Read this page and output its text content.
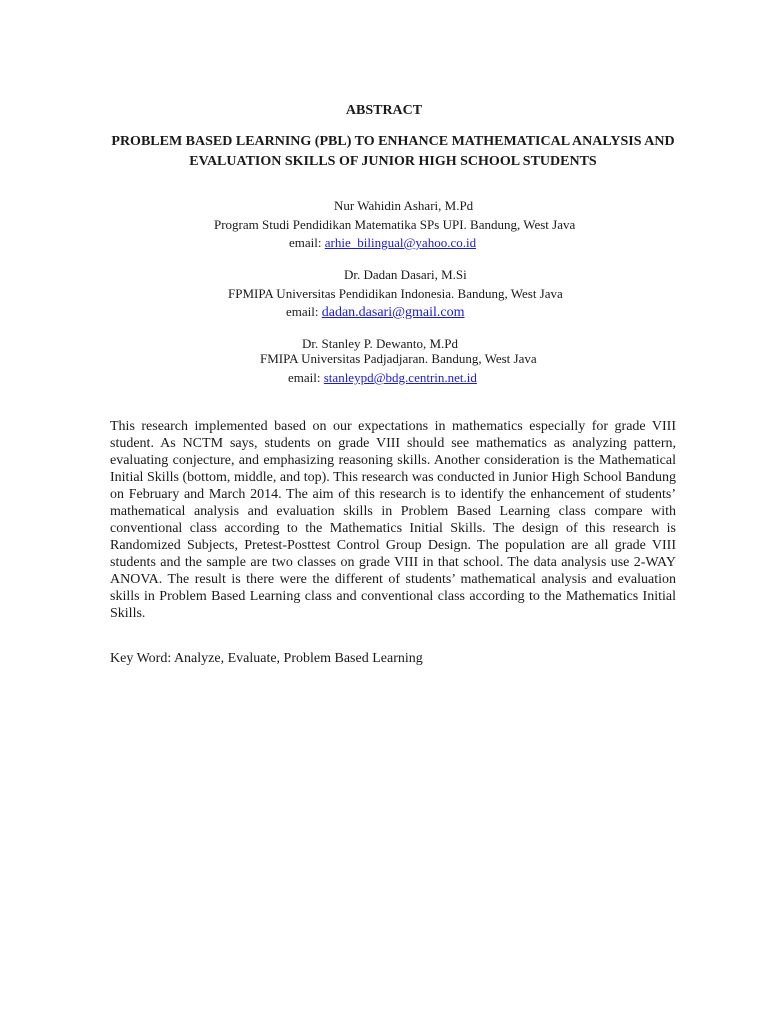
ABSTRACT
PROBLEM BASED LEARNING (PBL) TO ENHANCE MATHEMATICAL ANALYSIS AND EVALUATION SKILLS OF JUNIOR HIGH SCHOOL STUDENTS
Nur Wahidin Ashari, M.Pd
Program Studi Pendidikan Matematika SPs UPI. Bandung, West Java
email: arhie_bilingual@yahoo.co.id
Dr. Dadan Dasari, M.Si
FPMIPA Universitas Pendidikan Indonesia. Bandung, West Java
email: dadan.dasari@gmail.com
Dr. Stanley P. Dewanto, M.Pd
FMIPA Universitas Padjadjaran. Bandung, West Java
email: stanleypd@bdg.centrin.net.id

This research implemented based on our expectations in mathematics especially for grade VIII student. As NCTM says, students on grade VIII should see mathematics as analyzing pattern, evaluating conjecture, and emphasizing reasoning skills. Another consideration is the Mathematical Initial Skills (bottom, middle, and top). This research was conducted in Junior High School Bandung on February and March 2014. The aim of this research is to identify the enhancement of students’ mathematical analysis and evaluation skills in Problem Based Learning class compare with conventional class according to the Mathematics Initial Skills. The design of this research is Randomized Subjects, Pretest-Posttest Control Group Design. The population are all grade VIII students and the sample are two classes on grade VIII in that school. The data analysis use 2-WAY ANOVA. The result is there were the different of students’ mathematical analysis and evaluation skills in Problem Based Learning class and conventional class according to the Mathematics Initial Skills.

Key Word: Analyze, Evaluate, Problem Based Learning
